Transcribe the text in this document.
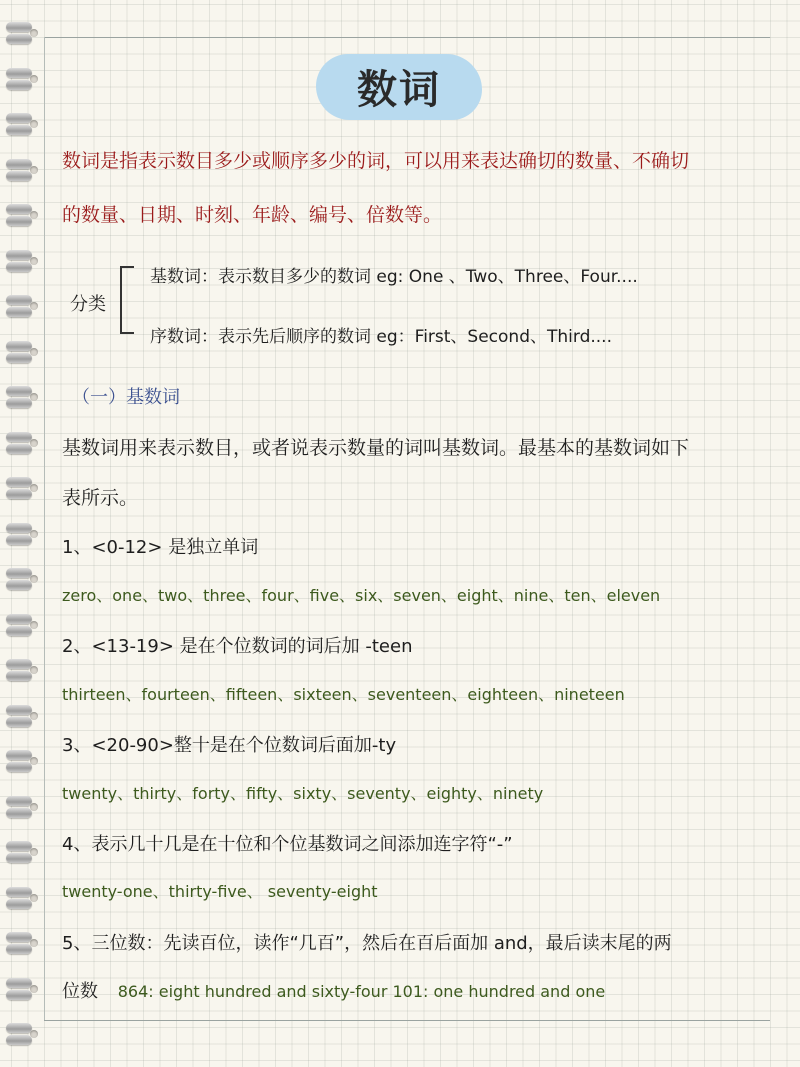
数词
数词是指表示数目多少或顺序多少的词，可以用来表达确切的数量、不确切
的数量、日期、时刻、年龄、编号、倍数等。
分类
基数词：表示数目多少的数词 eg: One 、Two、Three、Four....
序数词：表示先后顺序的数词 eg：First、Second、Third....
（一）基数词
基数词用来表示数目，或者说表示数量的词叫基数词。最基本的基数词如下
表所示。
1、<0-12> 是独立单词
zero、one、two、three、four、five、six、seven、eight、nine、ten、eleven
2、<13-19> 是在个位数词的词后加 -teen
thirteen、fourteen、fifteen、sixteen、seventeen、eighteen、nineteen
3、<20-90>整十是在个位数词后面加-ty
twenty、thirty、forty、fifty、sixty、seventy、eighty、ninety
4、表示几十几是在十位和个位基数词之间添加连字符“-”
twenty-one、thirty-five、 seventy-eight
5、三位数：先读百位，读作“几百”，然后在百后面加 and，最后读末尾的两
位数 864: eight hundred and sixty-four 101: one hundred and one
